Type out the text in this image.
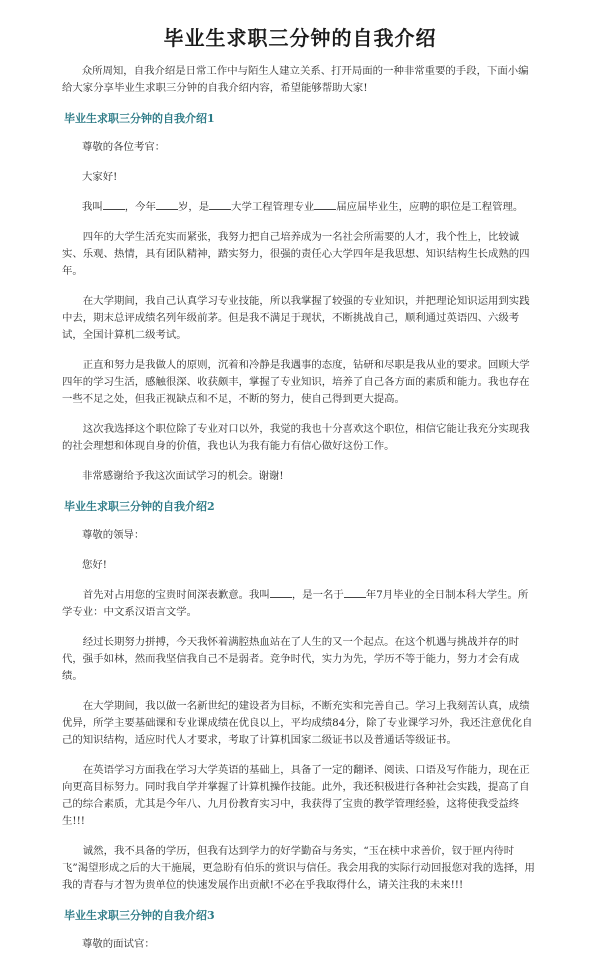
毕业生求职三分钟的自我介绍

众所周知，自我介绍是日常工作中与陌生人建立关系、打开局面的一种非常重要的手段，下面小编给大家分享毕业生求职三分钟的自我介绍内容，希望能够帮助大家!

毕业生求职三分钟的自我介绍1

尊敬的各位考官：

大家好!

我叫 ，今年 岁，是 大学工程管理专业 届应届毕业生，应聘的职位是工程管理。

四年的大学生活充实而紧张，我努力把自己培养成为一名社会所需要的人才，我个性上，比较诚实、乐观、热情，具有团队精神，踏实努力，很强的责任心大学四年是我思想、知识结构生长成熟的四年。

在大学期间，我自己认真学习专业技能，所以我掌握了较强的专业知识，并把理论知识运用到实践中去，期末总评成绩名列年级前茅。但是我不满足于现状，不断挑战自己，顺利通过英语四、六级考试，全国计算机二级考试。

正直和努力是我做人的原则，沉着和冷静是我遇事的态度，钻研和尽职是我从业的要求。回顾大学四年的学习生活，感触很深、收获颇丰，掌握了专业知识，培养了自己各方面的素质和能力。我也存在一些不足之处，但我正视缺点和不足，不断的努力，使自己得到更大提高。

这次我选择这个职位除了专业对口以外，我觉的我也十分喜欢这个职位，相信它能让我充分实现我的社会理想和体现自身的价值，我也认为我有能力有信心做好这份工作。

非常感谢给予我这次面试学习的机会。谢谢!

毕业生求职三分钟的自我介绍2

尊敬的领导：

您好!

首先对占用您的宝贵时间深表歉意。我叫 ，是一名于 年7月毕业的全日制本科大学生。所学专业：中文系汉语言文学。

经过长期努力拼搏，今天我怀着满腔热血站在了人生的又一个起点。在这个机遇与挑战并存的时代，强手如林，然而我坚信我自己不是弱者。竞争时代，实力为先，学历不等于能力，努力才会有成绩。

在大学期间，我以做一名新世纪的建设者为目标，不断充实和完善自己。学习上我刻苦认真，成绩优异，所学主要基础课和专业课成绩在优良以上，平均成绩84分，除了专业课学习外，我还注意优化自己的知识结构，适应时代人才要求，考取了计算机国家二级证书以及普通话等级证书。

在英语学习方面我在学习大学英语的基础上，具备了一定的翻译、阅读、口语及写作能力，现在正向更高目标努力。同时我自学并掌握了计算机操作技能。此外，我还积极进行各种社会实践，提高了自己的综合素质，尤其是今年八、九月份教育实习中，我获得了宝贵的教学管理经验，这将使我受益终生!!!

诚然，我不具备的学历，但我有达到学力的好学勤奋与务实，“玉在椟中求善价，钗于匣内待时飞”渴望形成之后的大干施展，更急盼有伯乐的赏识与信任。我会用我的实际行动回报您对我的选择，用我的青春与才智为贵单位的快速发展作出贡献!不必在乎我取得什么，请关注我的未来!!!

毕业生求职三分钟的自我介绍3

尊敬的面试官：
